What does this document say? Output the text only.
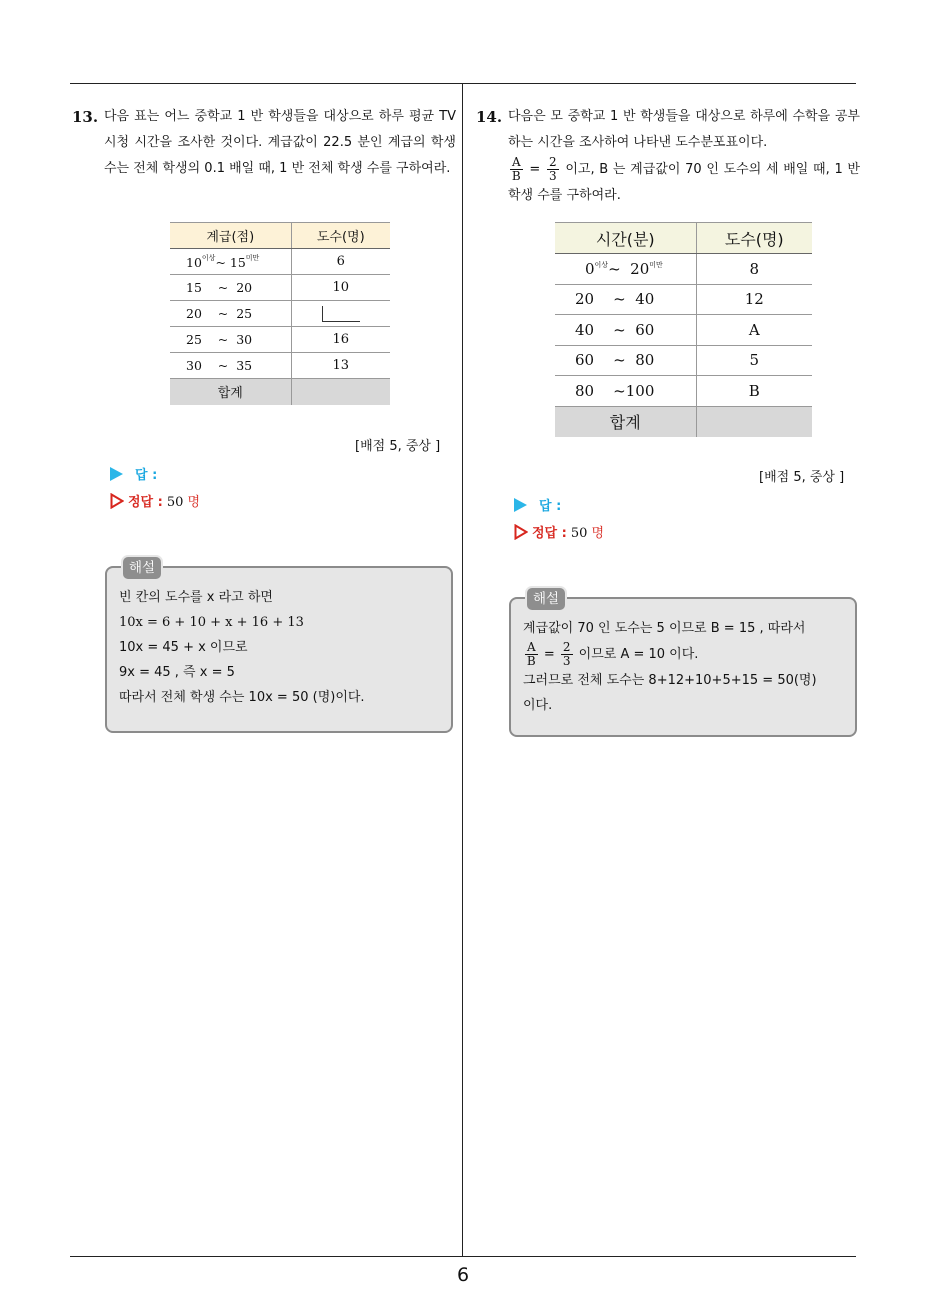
13. 다음 표는 어느 중학교 1 반 학생들을 대상으로 하루 평균 TV 시청 시간을 조사한 것이다. 계급값이 22.5 분인 계급의 학생 수는 전체 학생의 0.1 배일 때, 1 반 전체 학생 수를 구하여라.
계급(점)	도수(명)
$10^{이상}\sim$ $15^{미만}$	6
15    ~  20	10
20    ~  25	
25    ~  30	16
30    ~  35	13
합계	
[배점 5, 중상 ]
답 :
정답 : 50 명
해설
빈 칸의 도수를 x 라고 하면
10x = 6 + 10 + x + 16 + 13
10x = 45 + x 이므로
9x = 45 , 즉 x = 5
따라서 전체 학생 수는 10x = 50 (명)이다.
14. 다음은 모 중학교 1 반 학생들을 대상으로 하루에 수학을 공부하는 시간을 조사하여 나타낸 도수분포표이다.

$\frac{A}{B} = \frac{2}{3}$ 이고, B 는 계급값이 70 인 도수의 세 배일 때, 1 반 학생 수를 구하여라.
시간(분)	도수(명)
$0^{이상}\sim$  $20^{미만}$	8
20    ~  40	12
40    ~  60	A
60    ~  80	5
80    ~100	B
합계	
[배점 5, 중상 ]
답 :
정답 : 50 명
해설
계급값이 70 인 도수는 5 이므로 B = 15 , 따라서
$\frac{A}{B} = \frac{2}{3}$ 이므로 A = 10 이다.
그러므로 전체 도수는 8+12+10+5+15 = 50(명)
이다.
6
